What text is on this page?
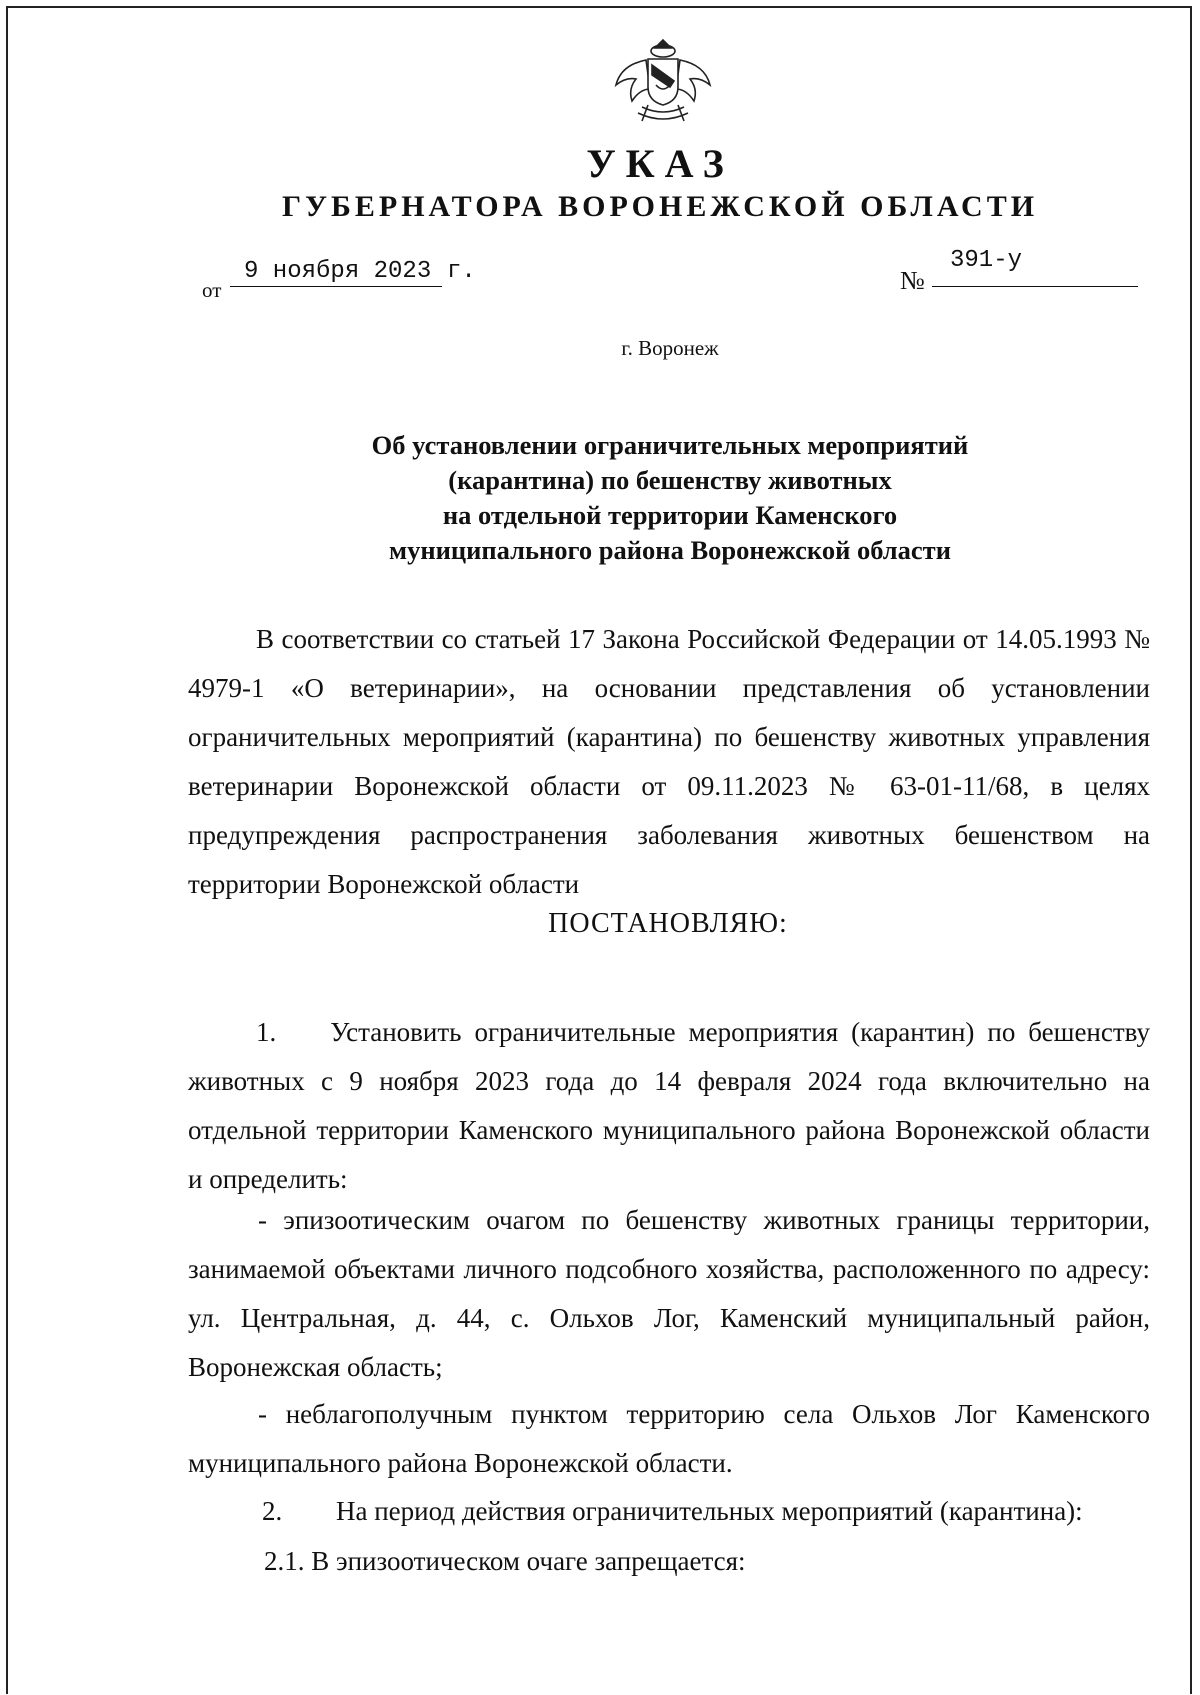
УКАЗ
ГУБЕРНАТОРА ВОРОНЕЖСКОЙ ОБЛАСТИ
от
9 ноября 2023 г.	№
391-у
г. Воронеж
Об установлении ограничительных мероприятий
(карантина) по бешенству животных
на отдельной территории Каменского
муниципального района Воронежской области
В соответствии со статьей 17 Закона Российской Федерации от 14.05.1993 № 4979-1 «О ветеринарии», на основании представления об установлении ограничительных мероприятий (карантина) по бешенству животных управления ветеринарии Воронежской области от 09.11.2023 № 63-01-11/68, в целях предупреждения распространения заболевания животных бешенством на территории Воронежской области
ПОСТАНОВЛЯЮ:
1.  Установить ограничительные мероприятия (карантин) по бешенству животных с 9 ноября 2023 года до 14 февраля 2024 года включительно на отдельной территории Каменского муниципального района Воронежской области и определить:
- эпизоотическим очагом по бешенству животных границы территории, занимаемой объектами личного подсобного хозяйства, расположенного по адресу: ул. Центральная, д. 44, с. Ольхов Лог, Каменский муниципальный район, Воронежская область;
- неблагополучным пунктом территорию села Ольхов Лог Каменского муниципального района Воронежской области.
2. На период действия ограничительных мероприятий (карантина):
2.1. В эпизоотическом очаге запрещается:
